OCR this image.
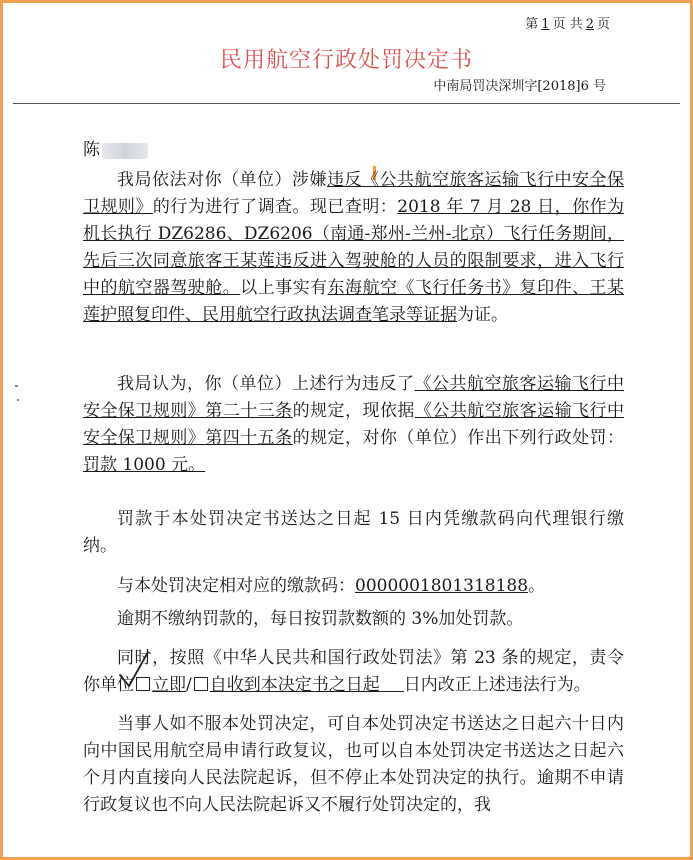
第 1 页 共 2 页
民用航空行政处罚决定书
中南局罚决深圳字[2018]6 号
陈

我局依法对你（单位）涉嫌违反《公共航空旅客运输飞行中安全保卫规则》的行为进行了调查。现已查明：2018 年 7 月 28 日，你作为机长执行 DZ6286、DZ6206（南通-郑州-兰州-北京）飞行任务期间，先后三次同意旅客王某莲违反进入驾驶舱的人员的限制要求，进入飞行中的航空器驾驶舱。以上事实有东海航空《飞行任务书》复印件、王某莲护照复印件、民用航空行政执法调查笔录等证据为证。

我局认为，你（单位）上述行为违反了《公共航空旅客运输飞行中安全保卫规则》第二十三条的规定，现依据《公共航空旅客运输飞行中安全保卫规则》第四十五条的规定，对你（单位）作出下列行政处罚：罚款 1000 元。

罚款于本处罚决定书送达之日起 15 日内凭缴款码向代理银行缴纳。

与本处罚决定相对应的缴款码：0000001801318188。

逾期不缴纳罚款的，每日按罚款数额的 3%加处罚款。

同时，按照《中华人民共和国行政处罚法》第 23 条的规定，责令你单位 立即/ 自收到本决定书之日起 日内改正上述违法行为。

当事人如不服本处罚决定，可自本处罚决定书送达之日起六十日内向中国民用航空局申请行政复议，也可以自本处罚决定书送达之日起六个月内直接向人民法院起诉，但不停止本处罚决定的执行。逾期不申请行政复议也不向人民法院起诉又不履行处罚决定的，我
